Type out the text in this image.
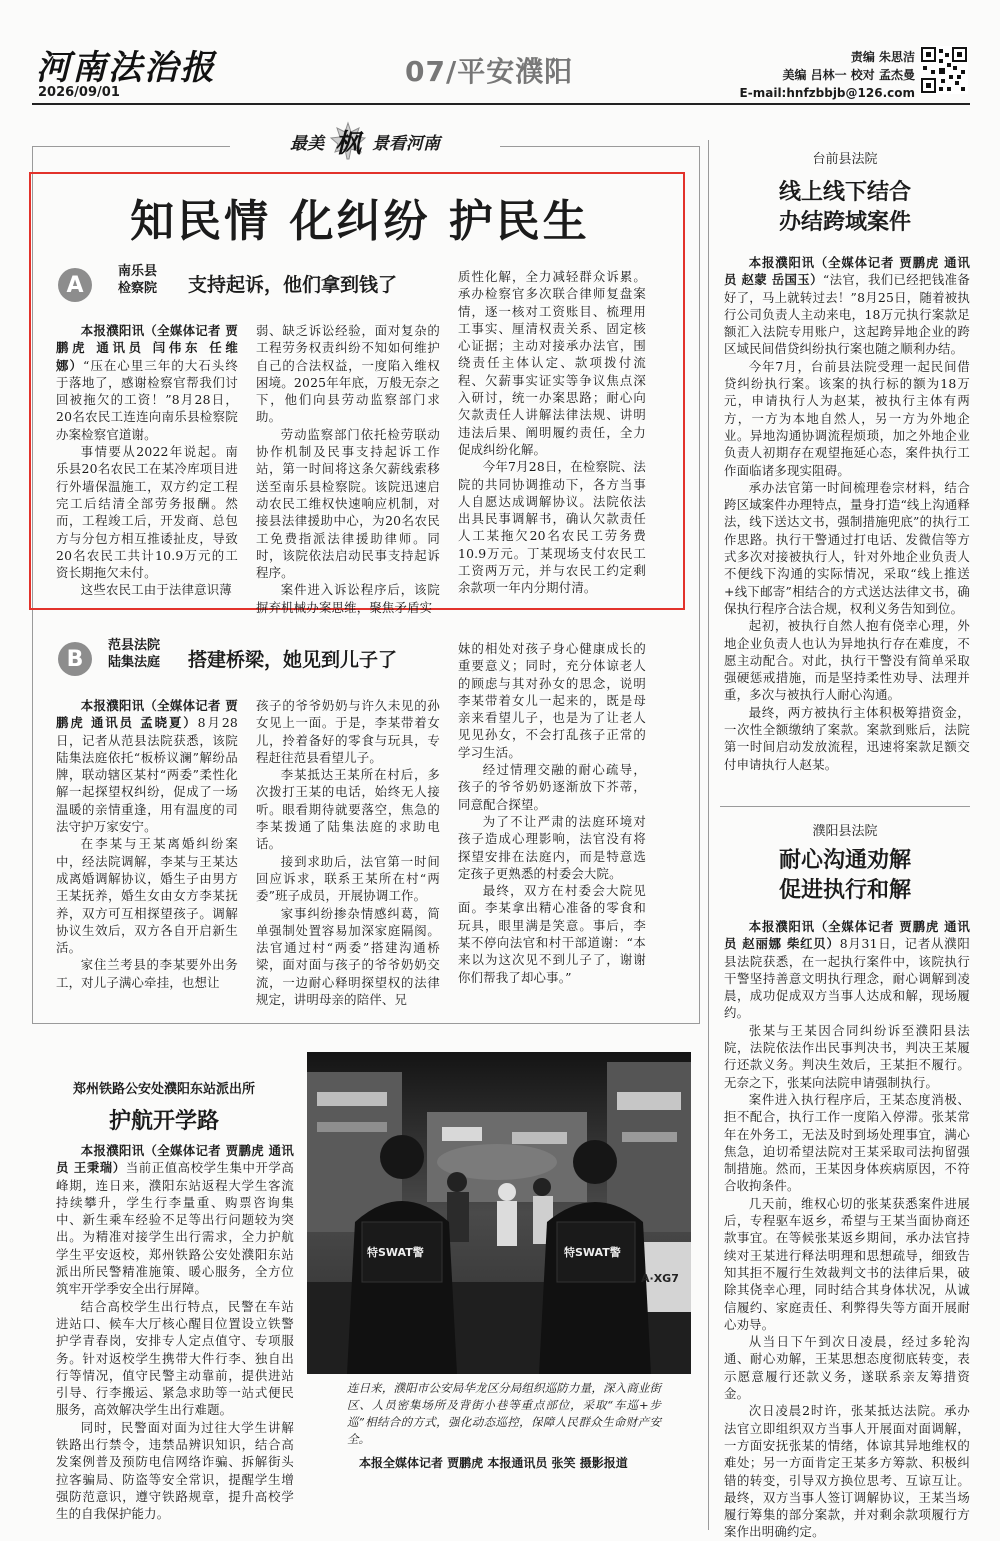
河南法治报
2026/09/01
07/平安濮阳	责编 朱思洁
美编 吕林一 校对 孟杰曼
E-mail:hnfzbbjb@126.com
最美 枫 景看河南
知民情 化纠纷 护民生
A
南乐县
检察院 支持起诉，他们拿到钱了

本报濮阳讯（全媒体记者 贾鹏虎 通讯员 闫伟东 任维娜）“压在心里三年的大石头终于落地了，感谢检察官帮我们讨回被拖欠的工资！”8月28日，20名农民工连连向南乐县检察院办案检察官道谢。

事情要从2022年说起。南乐县20名农民工在某冷库项目进行外墙保温施工，双方约定工程完工后结清全部劳务报酬。然而，工程竣工后，开发商、总包方与分包方相互推诿扯皮，导致20名农民工共计10.9万元的工资长期拖欠未付。

这些农民工由于法律意识薄

弱、缺乏诉讼经验，面对复杂的工程劳务权责纠纷不知如何维护自己的合法权益，一度陷入维权困境。2025年年底，万般无奈之下，他们向县劳动监察部门求助。

劳动监察部门依托检劳联动协作机制及民事支持起诉工作站，第一时间将这条欠薪线索移送至南乐县检察院。该院迅速启动农民工维权快速响应机制，对接县法律援助中心，为20名农民工免费指派法律援助律师。同时，该院依法启动民事支持起诉程序。

案件进入诉讼程序后，该院摒弃机械办案思维，聚焦矛盾实

质性化解，全力减轻群众诉累。承办检察官多次联合律师复盘案情，逐一核对工资账目、梳理用工事实、厘清权责关系、固定核心证据；主动对接承办法官，围绕责任主体认定、款项拨付流程、欠薪事实证实等争议焦点深入研讨，统一办案思路；耐心向欠款责任人讲解法律法规、讲明违法后果、阐明履约责任，全力促成纠纷化解。

今年7月28日，在检察院、法院的共同协调推动下，各方当事人自愿达成调解协议。法院依法出具民事调解书，确认欠款责任人工某拖欠20名农民工劳务费10.9万元。丁某现场支付农民工工资两万元，并与农民工约定剩余款项一年内分期付清。

B
范县法院
陆集法庭 搭建桥梁，她见到儿子了

本报濮阳讯（全媒体记者 贾鹏虎 通讯员 孟晓夏）8月28日，记者从范县法院获悉，该院陆集法庭依托“板桥议澜”解纷品牌，联动辖区某村“两委”柔性化解一起探望权纠纷，促成了一场温暖的亲情重逢，用有温度的司法守护万家安宁。

在李某与王某离婚纠纷案中，经法院调解，李某与王某达成离婚调解协议，婚生子由男方王某抚养，婚生女由女方李某抚养，双方可互相探望孩子。调解协议生效后，双方各自开启新生活。

家住兰考县的李某要外出务工，对儿子满心牵挂，也想让

孩子的爷爷奶奶与许久未见的孙女见上一面。于是，李某带着女儿，拎着备好的零食与玩具，专程赶往范县看望儿子。

李某抵达王某所在村后，多次拨打王某的电话，始终无人接听。眼看期待就要落空，焦急的李某拨通了陆集法庭的求助电话。

接到求助后，法官第一时间回应诉求，联系王某所在村“两委”班子成员，开展协调工作。

家事纠纷掺杂情感纠葛，简单强制处置容易加深家庭隔阂。法官通过村“两委”搭建沟通桥梁，面对面与孩子的爷爷奶奶交流，一边耐心释明探望权的法律规定，讲明母亲的陪伴、兄

妹的相处对孩子身心健康成长的重要意义；同时，充分体谅老人的顾虑与其对孙女的思念，说明李某带着女儿一起来的，既是母亲来看望儿子，也是为了让老人见见孙女，不会打乱孩子正常的学习生活。

经过情理交融的耐心疏导，孩子的爷爷奶奶逐渐放下芥蒂，同意配合探望。

为了不让严肃的法庭环境对孩子造成心理影响，法官没有将探望安排在法庭内，而是特意选定孩子更熟悉的村委会大院。

最终，双方在村委会大院见面。李某拿出精心准备的零食和玩具，眼里满是笑意。事后，李某不停向法官和村干部道谢：“本来以为这次见不到儿子了，谢谢你们帮我了却心事。”

台前县法院
线上线下结合
办结跨域案件

本报濮阳讯（全媒体记者 贾鹏虎 通讯员 赵蒙 岳国玉）“法官，我们已经把钱准备好了，马上就转过去！”8月25日，随着被执行公司负责人主动来电，18万元执行案款足额汇入法院专用账户，这起跨异地企业的跨区域民间借贷纠纷执行案也随之顺利办结。

今年7月，台前县法院受理一起民间借贷纠纷执行案。该案的执行标的额为18万元，申请执行人为赵某，被执行主体有两方，一方为本地自然人，另一方为外地企业。异地沟通协调流程烦琐，加之外地企业负责人初期存在观望拖延心态，案件执行工作面临诸多现实阻碍。

承办法官第一时间梳理卷宗材料，结合跨区域案件办理特点，量身打造“线上沟通释法，线下送达文书，强制措施兜底”的执行工作思路。执行干警通过打电话、发微信等方式多次对接被执行人，针对外地企业负责人不便线下沟通的实际情况，采取“线上推送+线下邮寄”相结合的方式送达法律文书，确保执行程序合法合规，权利义务告知到位。

起初，被执行自然人抱有侥幸心理，外地企业负责人也认为异地执行存在难度，不愿主动配合。对此，执行干警没有简单采取强硬惩戒措施，而是坚持柔性劝导、法理并重，多次与被执行人耐心沟通。

最终，两方被执行主体积极筹措资金，一次性全额缴纳了案款。案款到账后，法院第一时间启动发放流程，迅速将案款足额交付申请执行人赵某。

濮阳县法院
耐心沟通劝解
促进执行和解

本报濮阳讯（全媒体记者 贾鹏虎 通讯员 赵丽娜 柴红贝）8月31日，记者从濮阳县法院获悉，在一起执行案件中，该院执行干警坚持善意文明执行理念，耐心调解到凌晨，成功促成双方当事人达成和解，现场履约。

张某与王某因合同纠纷诉至濮阳县法院，法院依法作出民事判决书，判决王某履行还款义务。判决生效后，王某拒不履行。无奈之下，张某向法院申请强制执行。

案件进入执行程序后，王某态度消极、拒不配合，执行工作一度陷入停滞。张某常年在外务工，无法及时到场处理事宜，满心焦急，迫切希望法院对王某采取司法拘留强制措施。然而，王某因身体疾病原因，不符合收拘条件。

几天前，维权心切的张某获悉案件进展后，专程驱车返乡，希望与王某当面协商还款事宜。在等候张某返乡期间，承办法官持续对王某进行释法明理和思想疏导，细致告知其拒不履行生效裁判文书的法律后果，破除其侥幸心理，同时结合其身体状况，从诚信履约、家庭责任、利弊得失等方面开展耐心劝导。

从当日下午到次日凌晨，经过多轮沟通、耐心劝解，王某思想态度彻底转变，表示愿意履行还款义务，遂联系亲友筹措资金。

次日凌晨2时许，张某抵达法院。承办法官立即组织双方当事人开展面对面调解，一方面安抚张某的情绪，体谅其异地维权的难处；另一方面肯定王某多方筹款、积极纠错的转变，引导双方换位思考、互谅互让。最终，双方当事人签订调解协议，王某当场履行筹集的部分案款，并对剩余款项履行方案作出明确约定。

郑州铁路公安处濮阳东站派出所
护航开学路

本报濮阳讯（全媒体记者 贾鹏虎 通讯员 王秉瑞）当前正值高校学生集中开学高峰期，连日来，濮阳东站返程大学生客流持续攀升，学生行李量重、购票咨询集中、新生乘车经验不足等出行问题较为突出。为精准对接学生出行需求，全力护航学生平安返校，郑州铁路公安处濮阳东站派出所民警精准施策、暖心服务，全方位筑牢开学季安全出行屏障。

结合高校学生出行特点，民警在车站进站口、候车大厅核心醒目位置设立铁警护学青春岗，安排专人定点值守、专项服务。针对返校学生携带大件行李、独自出行等情况，值守民警主动靠前，提供进站引导、行李搬运、紧急求助等一站式便民服务，高效解决学生出行难题。

同时，民警面对面为过往大学生讲解铁路出行禁令，违禁品辨识知识，结合高发案例普及预防电信网络诈骗、拆解街头拉客骗局、防盗等安全常识，提醒学生增强防范意识，遵守铁路规章，提升高校学生的自我保护能力。

特SWAT警	特SWAT警
A·XG7
连日来，濮阳市公安局华龙区分局组织巡防力量，深入商业街区、人员密集场所及背街小巷等重点部位，采取“车巡+步巡”相结合的方式，强化动态巡控，保障人民群众生命财产安全。
本报全媒体记者 贾鹏虎 本报通讯员 张笑 摄影报道
